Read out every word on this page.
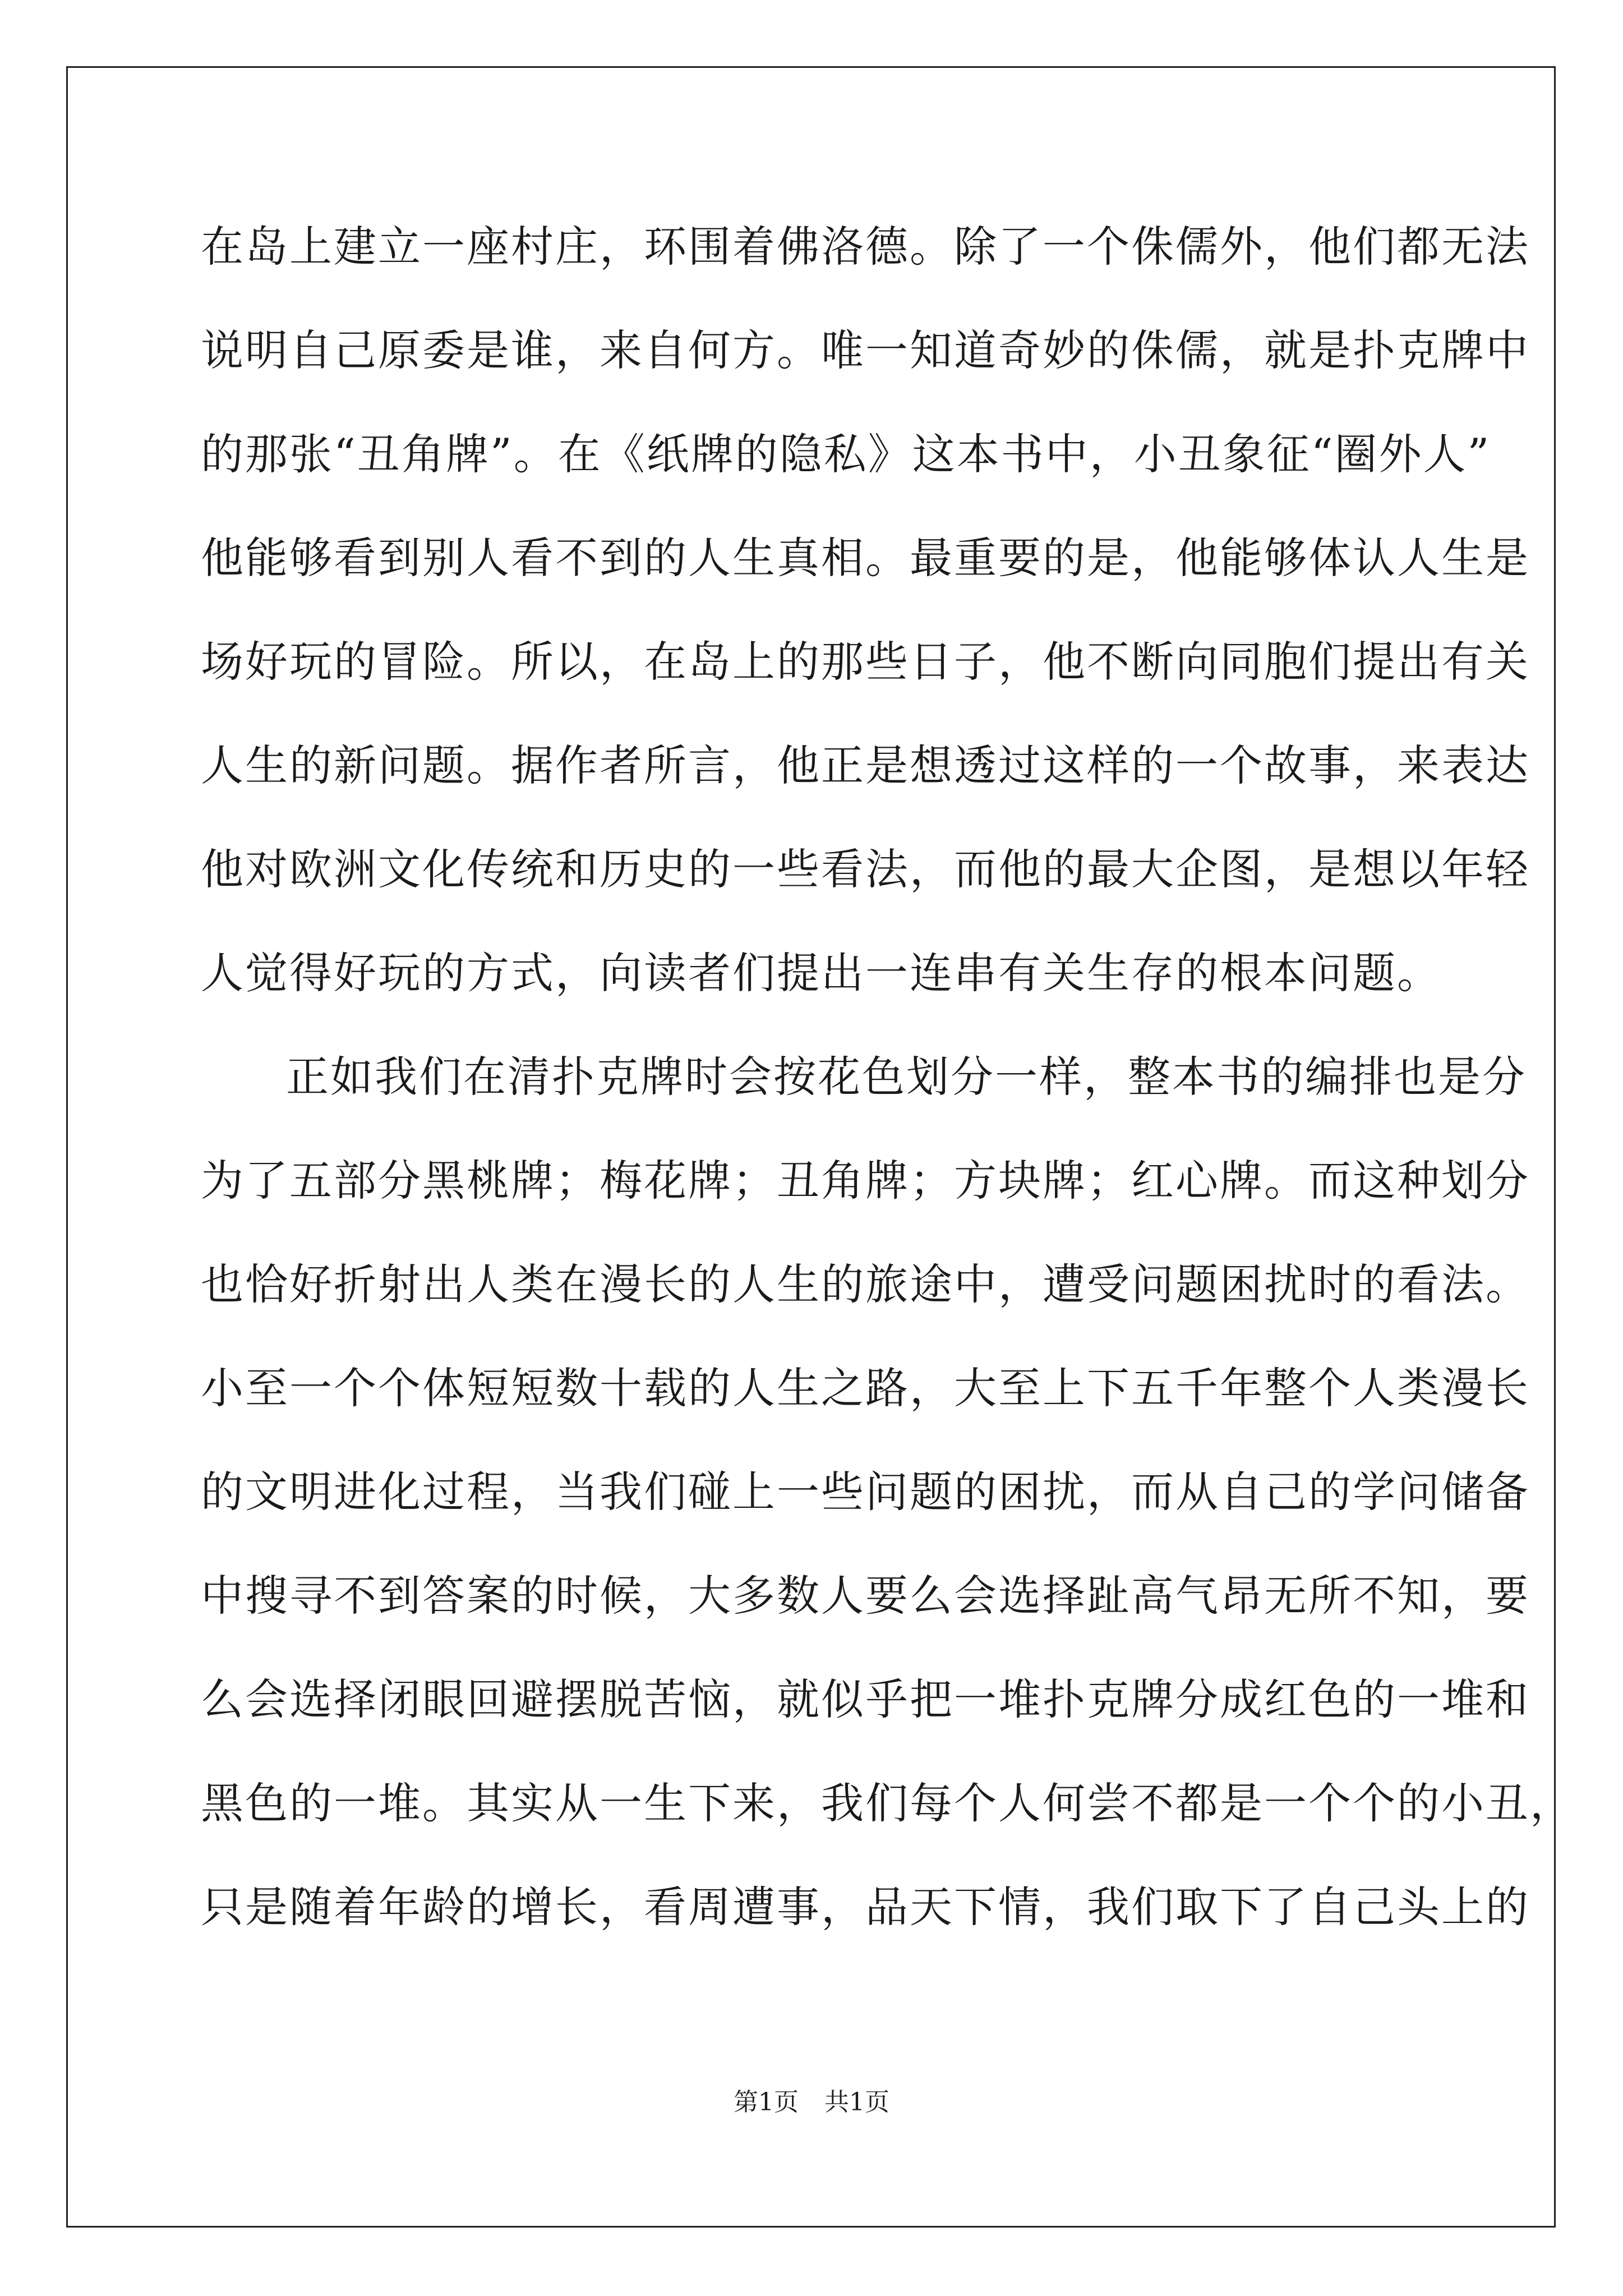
在岛上建立一座村庄，环围着佛洛德。除了一个侏儒外，他们都无法
说明自己原委是谁，来自何方。唯一知道奇妙的侏儒，就是扑克牌中
的那张“丑角牌”。在《纸牌的隐私》这本书中，小丑象征“圈外人”
他能够看到别人看不到的人生真相。最重要的是，他能够体认人生是
场好玩的冒险。所以，在岛上的那些日子，他不断向同胞们提出有关
人生的新问题。据作者所言，他正是想透过这样的一个故事，来表达
他对欧洲文化传统和历史的一些看法，而他的最大企图，是想以年轻
人觉得好玩的方式，向读者们提出一连串有关生存的根本问题。
正如我们在清扑克牌时会按花色划分一样，整本书的编排也是分
为了五部分黑桃牌；梅花牌；丑角牌；方块牌；红心牌。而这种划分
也恰好折射出人类在漫长的人生的旅途中，遭受问题困扰时的看法。
小至一个个体短短数十载的人生之路，大至上下五千年整个人类漫长
的文明进化过程，当我们碰上一些问题的困扰，而从自己的学问储备
中搜寻不到答案的时候，大多数人要么会选择趾高气昂无所不知，要
么会选择闭眼回避摆脱苦恼，就似乎把一堆扑克牌分成红色的一堆和
黑色的一堆。其实从一生下来，我们每个人何尝不都是一个个的小丑，
只是随着年龄的增长，看周遭事，品天下情，我们取下了自己头上的
第1页 共1页
